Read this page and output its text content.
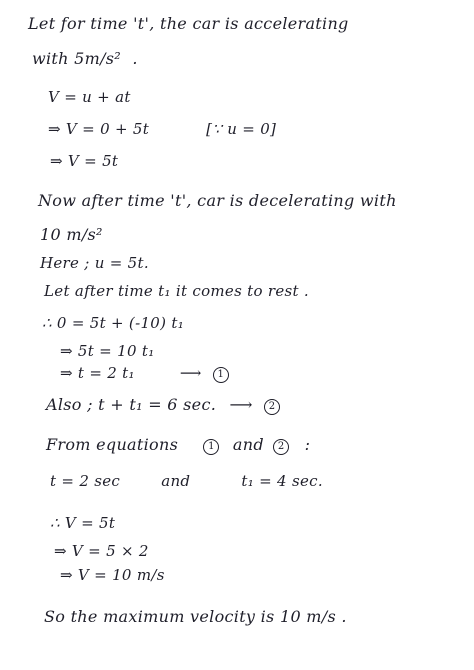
Let for time 't', the car is accelerating
with 5m/s² .
V = u + at
⇒ V = 0 + 5t	[∵ u = 0]
⇒ V = 5t
Now after time 't', car is decelerating with
10 m/s²
Here ; u = 5t.
Let after time t₁ it comes to rest .
∴ 0 = 5t + (-10) t₁
⇒ 5t = 10 t₁
⇒ t = 2 t₁	⟶ 1
Also ; t + t₁ = 6 sec. ⟶ 2
From equations	1 and 2 :
t = 2 sec	and	t₁ = 4 sec.
∴ V = 5t
⇒ V = 5 × 2
⇒ V = 10 m/s
So the maximum velocity is 10 m/s .
